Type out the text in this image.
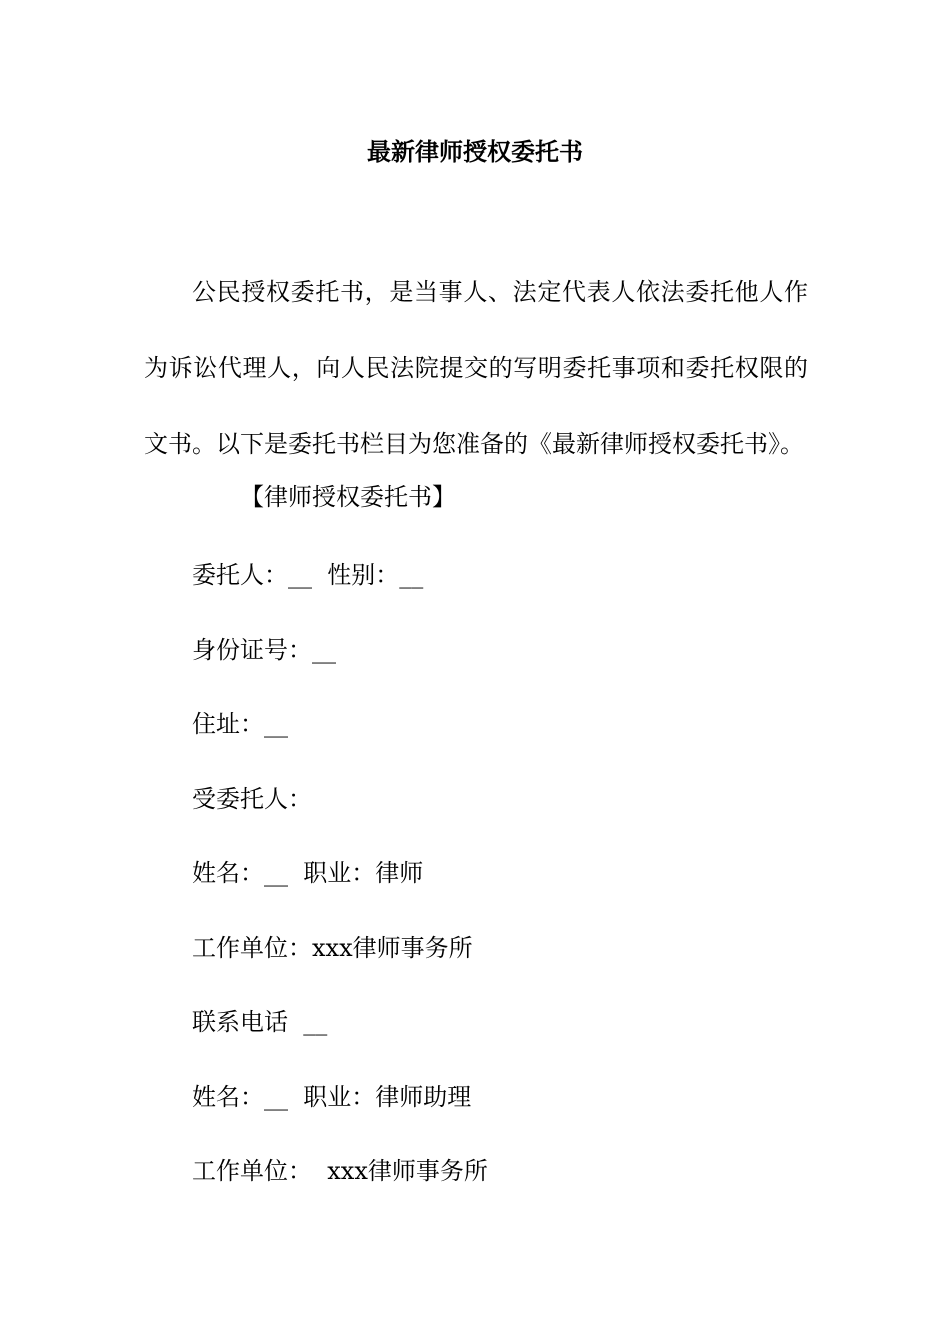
最新律师授权委托书
公民授权委托书，是当事人、法定代表人依法委托他人作为诉讼代理人，向人民法院提交的写明委托事项和委托权限的文书。以下是委托书栏目为您准备的《最新律师授权委托书》。
【律师授权委托书】
委托人：__  性别：__
身份证号：__
住址：__
受委托人：
姓名：__  职业：律师
工作单位：xxx律师事务所
联系电话  __
姓名：__  职业：律师助理
工作单位：  xxx律师事务所
